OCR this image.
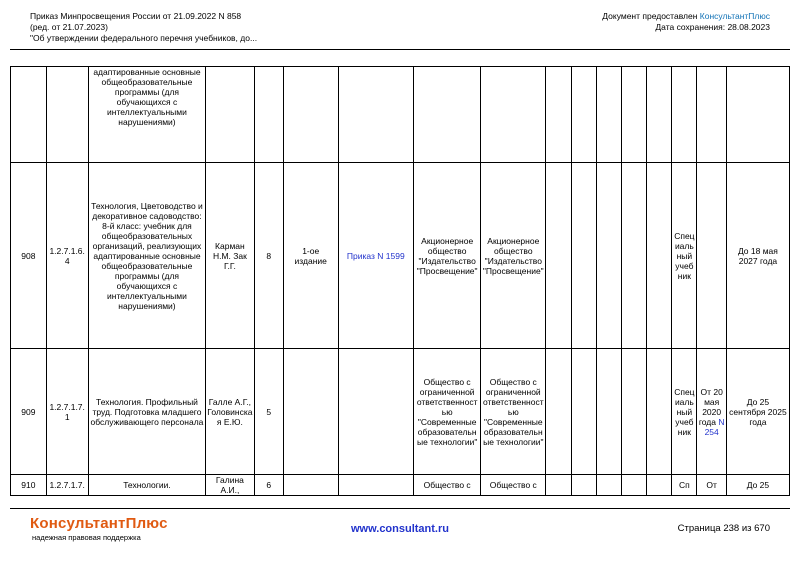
Приказ Минпросвещения России от 21.09.2022 N 858
(ред. от 21.07.2023)
"Об утверждении федерального перечня учебников, до...
Документ предоставлен КонсультантПлюс
Дата сохранения: 28.08.2023
		адаптированные основные общеобразовательные программы (для обучающихся с интеллектуальными нарушениями)														
908	1.2.7.1.6.4	Технология, Цветоводство и декоративное садоводство: 8-й класс: учебник для общеобразовательных организаций, реализующих адаптированные основные общеобразовательные программы (для обучающихся с интеллектуальными нарушениями)	Карман Н.М. Зак Г.Г.	8	1-ое издание	Приказ N 1599	Акционерное общество "Издательство "Просвещение"	Акционерное общество "Издательство "Просвещение"						Специальный учебник		До 18 мая 2027 года
909	1.2.7.1.7.1	Технология. Профильный труд. Подготовка младшего обслуживающего персонала	Галле А.Г., Головинская Е.Ю.	5			Общество с ограниченной ответственностью "Современные образовательные технологии"	Общество с ограниченной ответственностью "Современные образовательные технологии"						Специальный учебник	От 20 мая 2020 года N 254	До 25 сентября 2025 года
910	1.2.7.1.7.	Технологии.	Галина А.И.,	6			Общество с	Общество с						Сп	От	До 25
КонсультантПлюс
надежная правовая поддержка
www.consultant.ru	Страница 238 из 670
